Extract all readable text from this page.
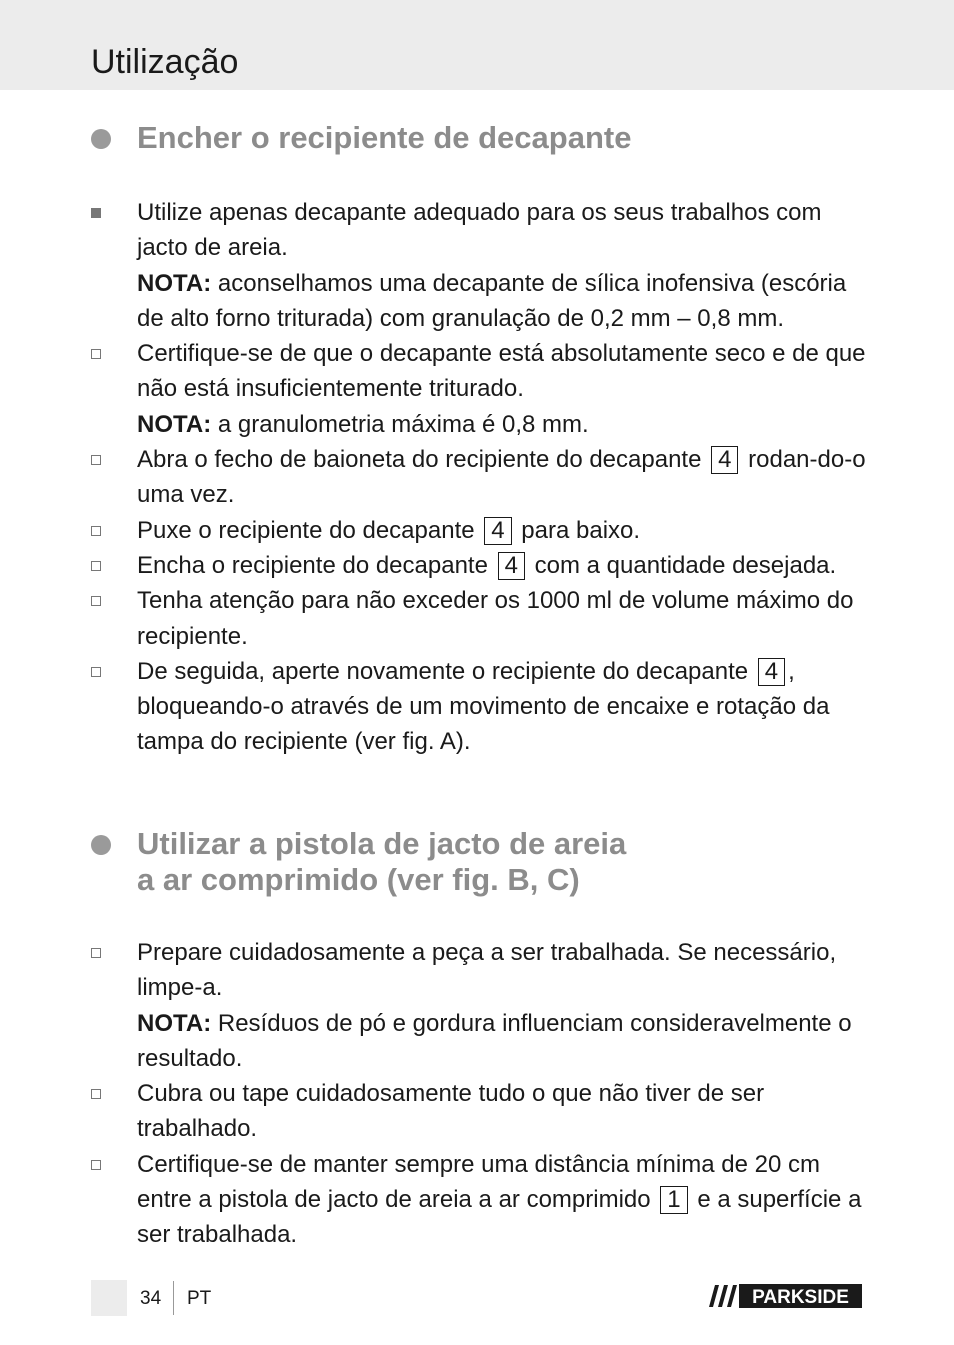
Utilização
Encher o recipiente de decapante
Utilize apenas decapante adequado para os seus trabalhos com jacto de areia.
NOTA: aconselhamos uma decapante de sílica inofensiva (escória de alto forno triturada) com granulação de 0,2 mm – 0,8 mm.
Certifique-se de que o decapante está absolutamente seco e de que não está insuficientemente triturado.
NOTA: a granulometria máxima é 0,8 mm.
Abra o fecho de baioneta do recipiente do decapante 4 rodan-do-o uma vez.
Puxe o recipiente do decapante 4 para baixo.
Encha o recipiente do decapante 4 com a quantidade desejada.
Tenha atenção para não exceder os 1000 ml de volume máximo do recipiente.
De seguida, aperte novamente o recipiente do decapante 4 , bloqueando-o através de um movimento de encaixe e rotação da tampa do recipiente (ver fig. A).
Utilizar a pistola de jacto de areia
a ar comprimido (ver fig. B, C)
Prepare cuidadosamente a peça a ser trabalhada. Se necessário, limpe-a.
NOTA: Resíduos de pó e gordura influenciam consideravelmente o resultado.
Cubra ou tape cuidadosamente tudo o que não tiver de ser trabalhado.
Certifique-se de manter sempre uma distância mínima de 20 cm entre a pistola de jacto de areia a ar comprimido 1 e a superfície a ser trabalhada.
34 PT	PARKSIDE
